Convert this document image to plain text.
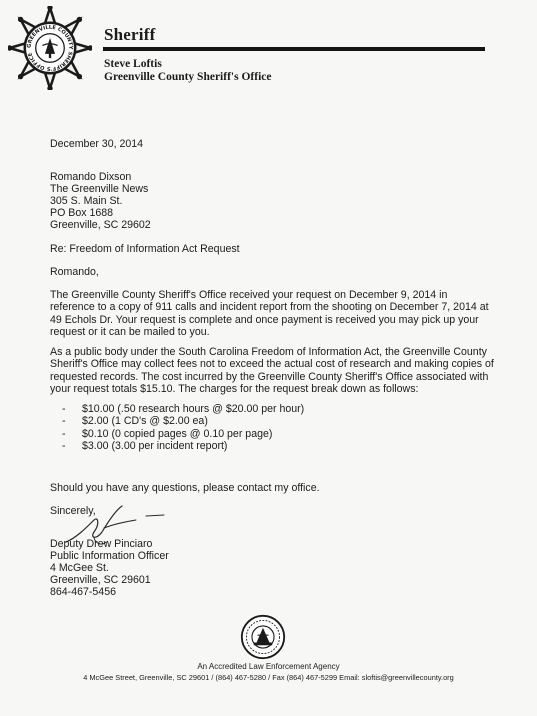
GREENVILLE COUNTY SHERIFF'S OFFICE
Sheriff
Steve Loftis
Greenville County Sheriff's Office
December 30, 2014
Romando Dixson
The Greenville News
305 S. Main St.
PO Box 1688
Greenville, SC 29602
Re: Freedom of Information Act Request
Romando,
The Greenville County Sheriff's Office received your request on December 9, 2014 in
reference to a copy of 911 calls and incident report from the shooting on December 7, 2014 at
49 Echols Dr. Your request is complete and once payment is received you may pick up your
request or it can be mailed to you.
As a public body under the South Carolina Freedom of Information Act, the Greenville County
Sheriff's Office may collect fees not to exceed the actual cost of research and making copies of
requested records. The cost incurred by the Greenville County Sheriff's Office associated with
your request totals $15.10. The charges for the request break down as follows:
- $10.00 (.50 research hours @ $20.00 per hour)
- $2.00 (1 CD's @ $2.00 ea)
- $0.10 (0 copied pages @ 0.10 per page)
- $3.00 (3.00 per incident report)
Should you have any questions, please contact my office.
Sincerely,
Deputy Drew Pinciaro
Public Information Officer
4 McGee St.
Greenville, SC 29601
864-467-5456
An Accredited Law Enforcement Agency
4 McGee Street, Greenville, SC 29601 / (864) 467-5280 / Fax (864) 467-5299 Email: sloftis@greenvillecounty.org
